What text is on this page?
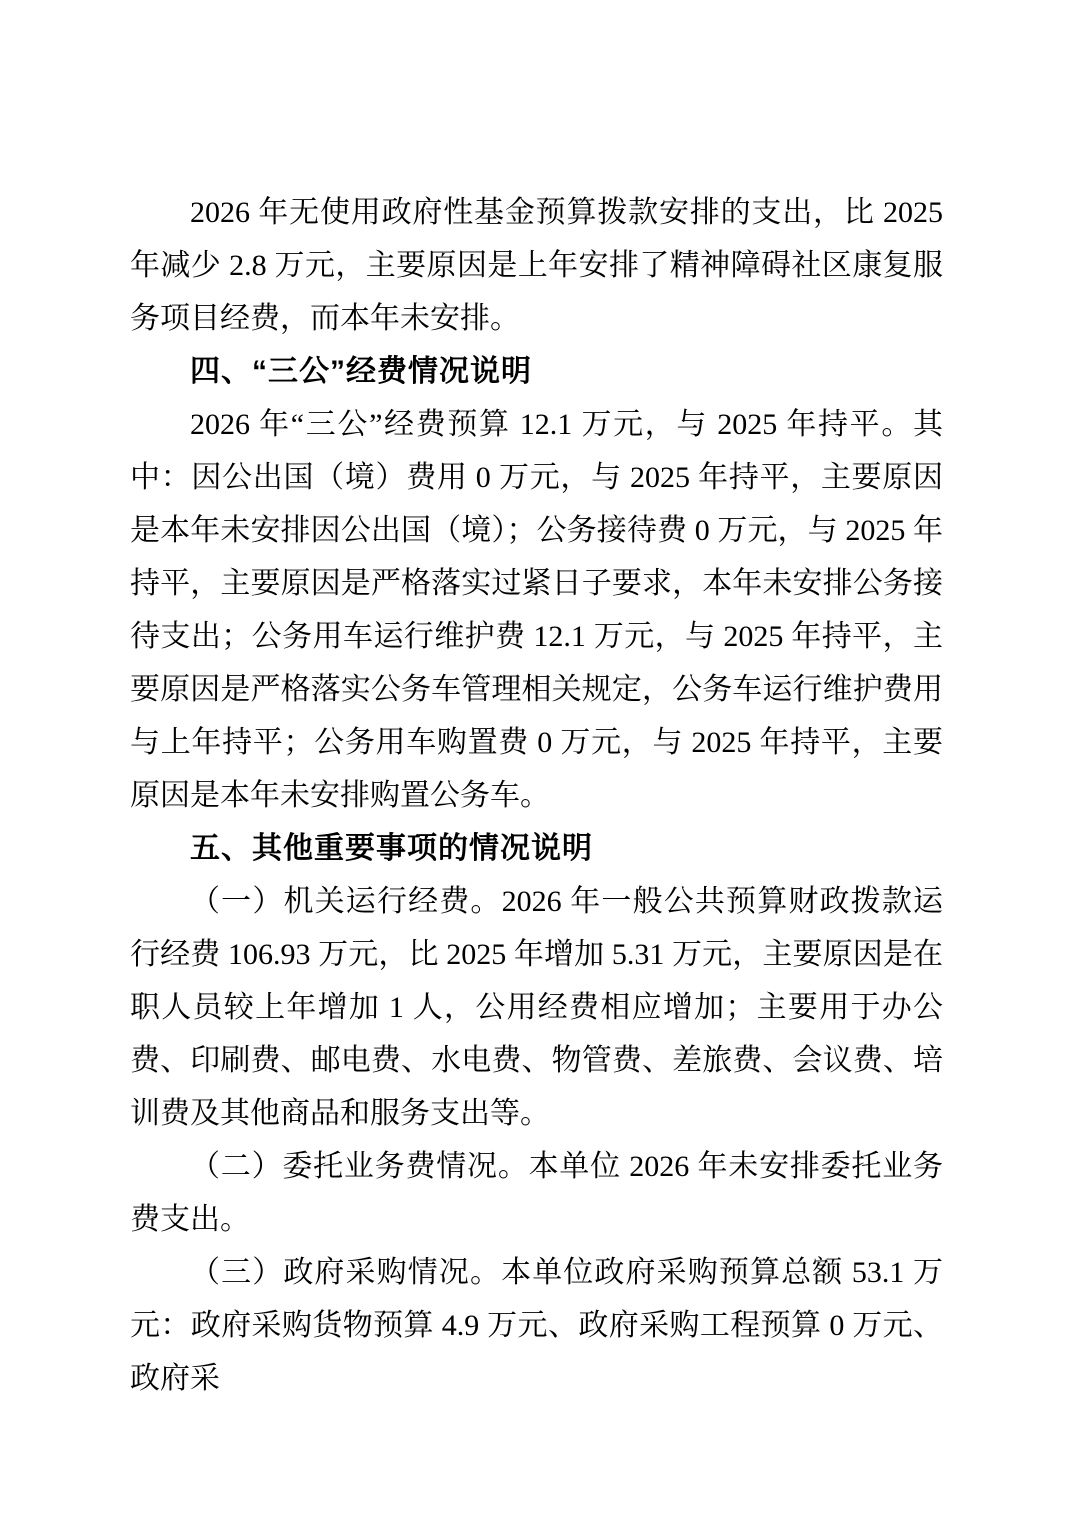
2026 年无使用政府性基金预算拨款安排的支出，比 2025 年减少 2.8 万元，主要原因是上年安排了精神障碍社区康复服务项目经费，而本年未安排。

四、“三公”经费情况说明

2026 年“三公”经费预算 12.1 万元，与 2025 年持平。其中：因公出国（境）费用 0 万元，与 2025 年持平，主要原因是本年未安排因公出国（境）；公务接待费 0 万元，与 2025 年持平，主要原因是严格落实过紧日子要求，本年未安排公务接待支出；公务用车运行维护费 12.1 万元，与 2025 年持平，主要原因是严格落实公务车管理相关规定，公务车运行维护费用与上年持平；公务用车购置费 0 万元，与 2025 年持平，主要原因是本年未安排购置公务车。

五、其他重要事项的情况说明

（一）机关运行经费。2026 年一般公共预算财政拨款运行经费 106.93 万元，比 2025 年增加 5.31 万元，主要原因是在职人员较上年增加 1 人，公用经费相应增加；主要用于办公费、印刷费、邮电费、水电费、物管费、差旅费、会议费、培训费及其他商品和服务支出等。

（二）委托业务费情况。本单位 2026 年未安排委托业务费支出。

（三）政府采购情况。本单位政府采购预算总额 53.1 万元：政府采购货物预算 4.9 万元、政府采购工程预算 0 万元、政府采
